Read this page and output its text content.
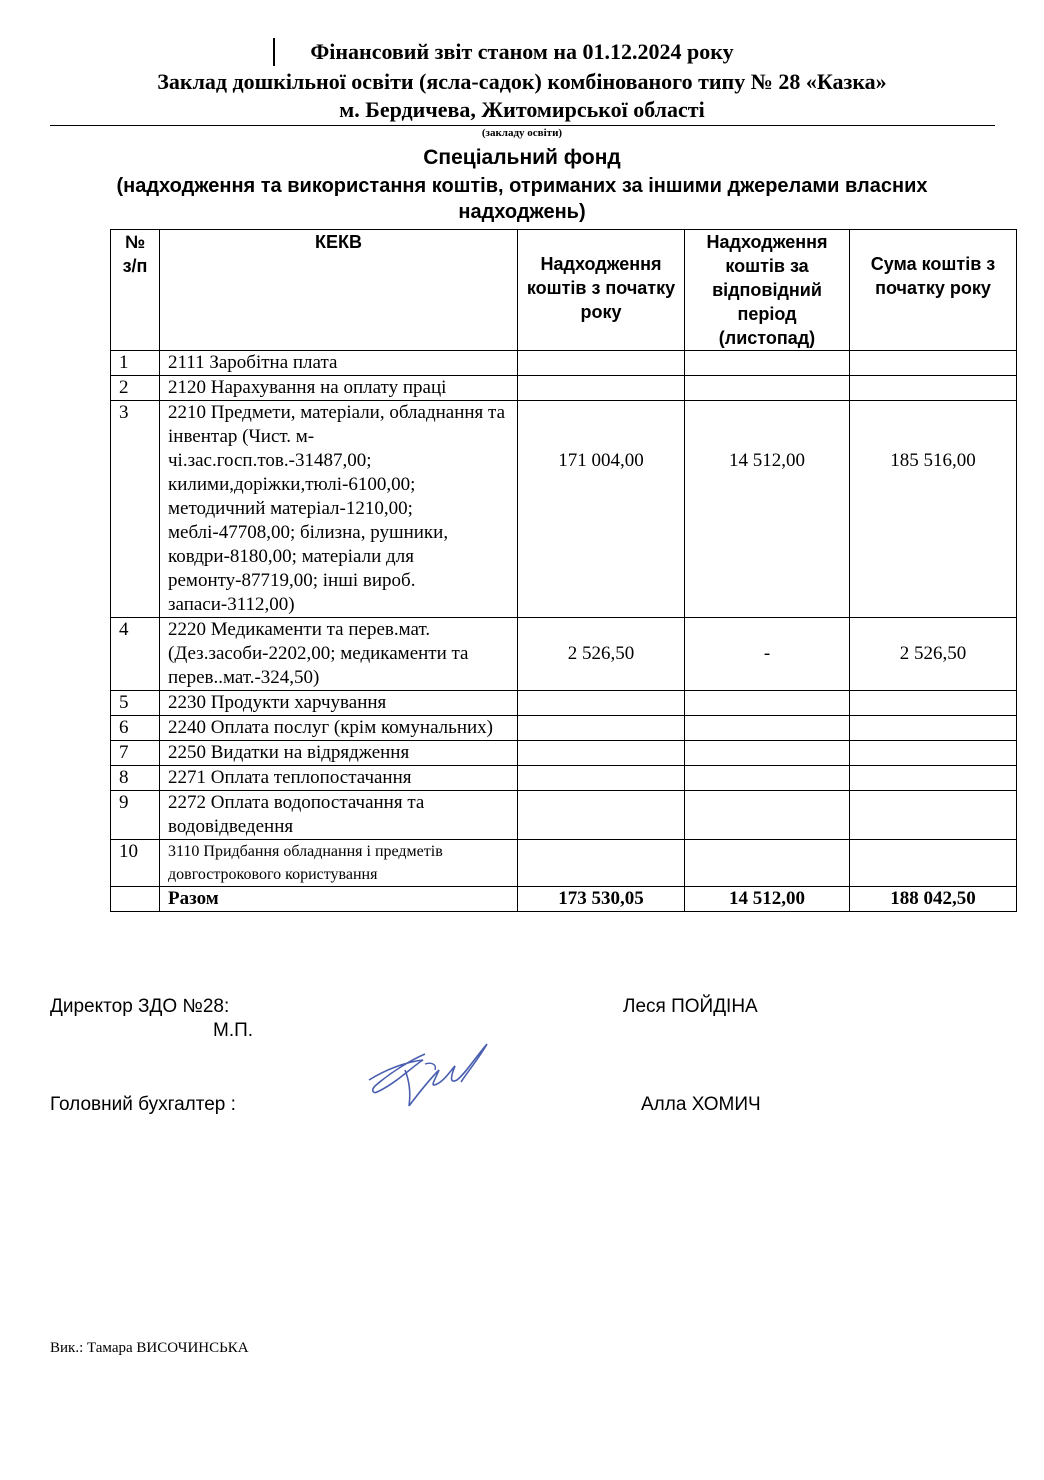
Фінансовий звіт станом на 01.12.2024 року
Заклад дошкільної освіти (ясла-садок) комбінованого типу № 28 «Казка»
м. Бердичева, Житомирської області
(закладу освіти)
Спеціальний фонд
(надходження та використання коштів, отриманих за іншими джерелами власних надходжень)
№ з/п	КЕКВ	Надходження коштів з початку року	Надходження коштів за відповідний період (листопад)	Сума коштів з початку року
1	2111 Заробітна плата			
2	2120 Нарахування на оплату праці			
3	2210 Предмети, матеріали, обладнання та інвентар (Чист. м-чі.зас.госп.тов.-31487,00; килими,доріжки,тюлі-6100,00; методичний матеріал-1210,00; меблі-47708,00; білизна, рушники, ковдри-8180,00; матеріали для ремонту-87719,00; інші вироб. запаси-3112,00)	171 004,00	14 512,00	185 516,00
4	2220 Медикаменти та перев.мат. (Дез.засоби-2202,00; медикаменти та перев..мат.-324,50)	2 526,50	-	2 526,50
5	2230 Продукти харчування			
6	2240 Оплата послуг (крім комунальних)			
7	2250 Видатки на відрядження			
8	2271 Оплата теплопостачання			
9	2272 Оплата водопостачання та водовідведення			
10	3110 Придбання обладнання і предметів довгострокового користування			
	Разом	173 530,05	14 512,00	188 042,50
Директор ЗДО №28:	Леся ПОЙДІНА
М.П.
Головний бухгалтер :	Алла ХОМИЧ
Вик.: Тамара ВИСОЧИНСЬКА
